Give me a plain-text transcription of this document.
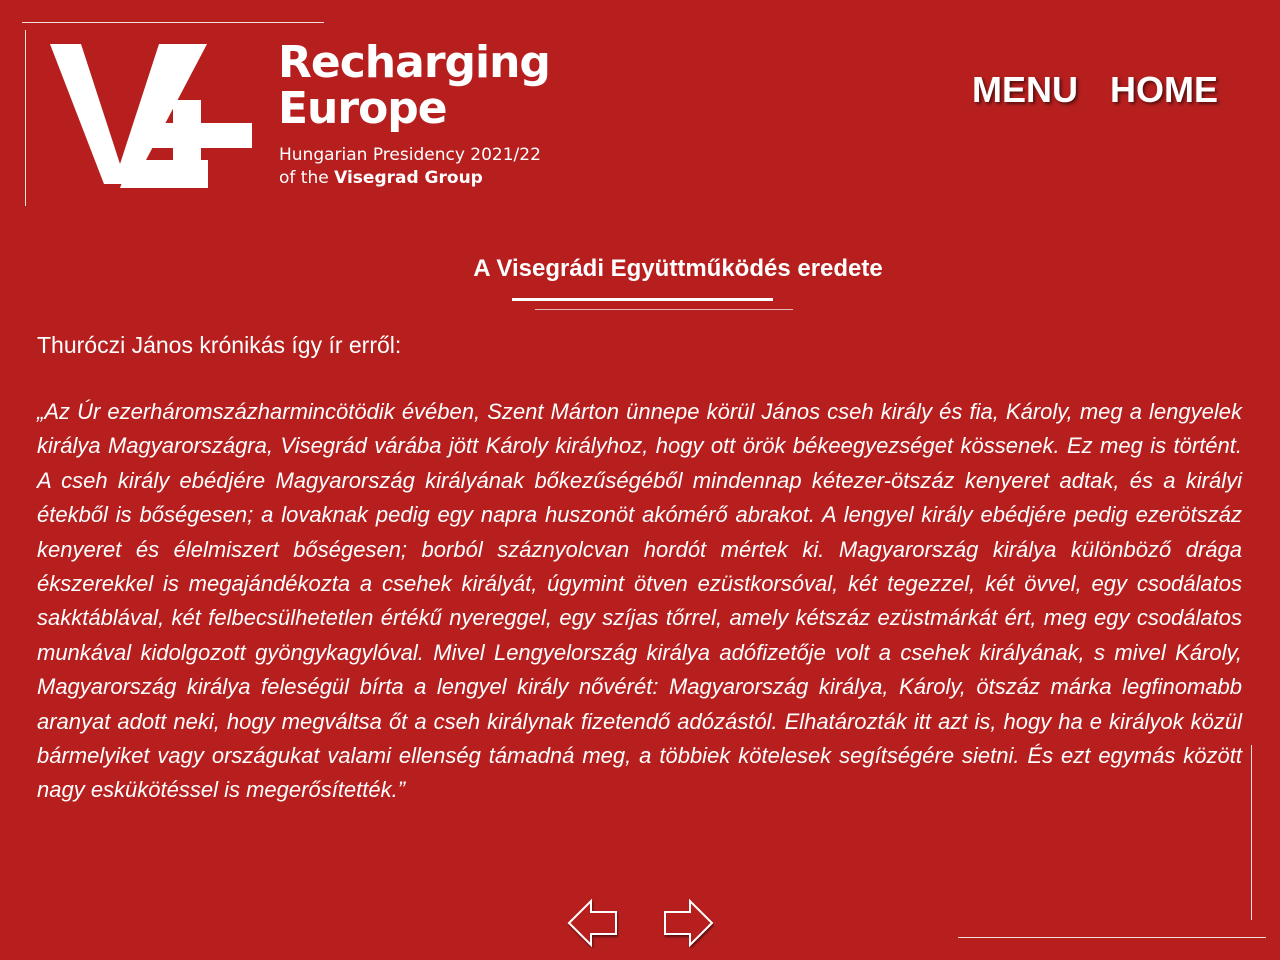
Recharging
Europe
Hungarian Presidency 2021/22
of the Visegrad Group
MENU HOME
A Visegrádi Együttműködés eredete
Thuróczi János krónikás így ír erről:

„Az Úr ezerháromszázharmincötödik évében, Szent Márton ünnepe körül János cseh király és fia, Károly, meg a lengyelek királya Magyarországra, Visegrád várába jött Károly királyhoz, hogy ott örök békeegyezséget kössenek. Ez meg is történt. A cseh király ebédjére Magyarország királyának bőkezűségéből mindennap kétezer-ötszáz kenyeret adtak, és a királyi étekből is bőségesen; a lovaknak pedig egy napra huszonöt akómérő abrakot. A lengyel király ebédjére pedig ezerötszáz kenyeret és élelmiszert bőségesen; borból száznyolcvan hordót mértek ki. Magyarország királya különböző drága ékszerekkel is megajándékozta a csehek királyát, úgymint ötven ezüstkorsóval, két tegezzel, két övvel, egy csodálatos sakktáblával, két felbecsülhetetlen értékű nyereggel, egy szíjas tőrrel, amely kétszáz ezüstmárkát ért, meg egy csodálatos munkával kidolgozott gyöngykagylóval. Mivel Lengyelország királya adófizetője volt a csehek királyának, s mivel Károly, Magyarország királya feleségül bírta a lengyel király nővérét: Magyarország királya, Károly, ötszáz márka legfinomabb aranyat adott neki, hogy megváltsa őt a cseh királynak fizetendő adózástól. Elhatározták itt azt is, hogy ha e királyok közül bármelyiket vagy országukat valami ellenség támadná meg, a többiek kötelesek segítségére sietni. És ezt egymás között nagy eskükötéssel is megerősítették.”
